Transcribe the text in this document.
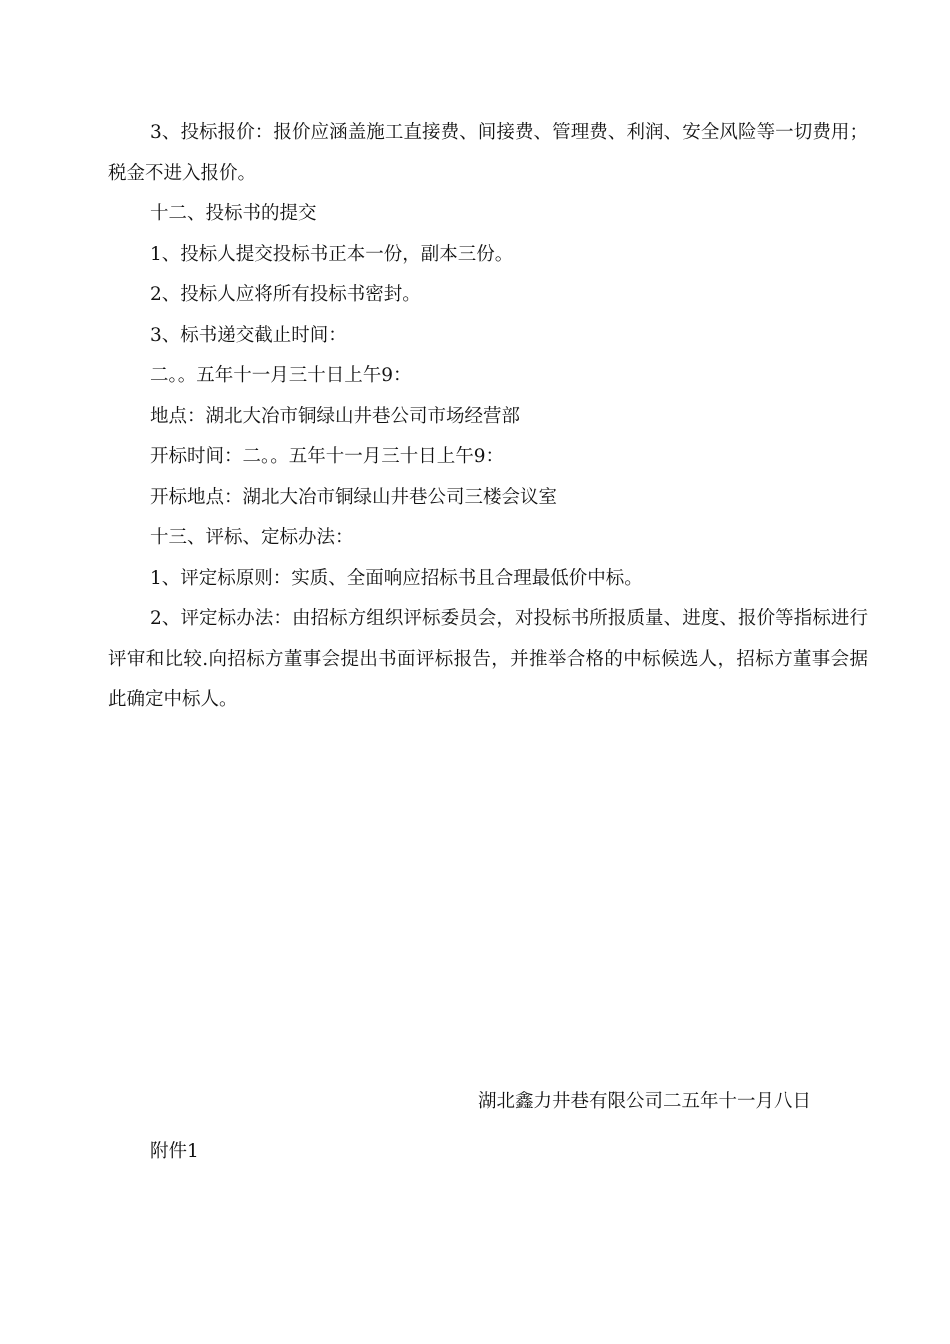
3、投标报价：报价应涵盖施工直接费、间接费、管理费、利润、安全风险等一切费用；税金不进入报价。

十二、投标书的提交

1、投标人提交投标书正本一份，副本三份。

2、投标人应将所有投标书密封。

3、标书递交截止时间：

二。。五年十一月三十日上午9：

地点：湖北大冶市铜绿山井巷公司市场经营部

开标时间：二。。五年十一月三十日上午9：

开标地点：湖北大冶市铜绿山井巷公司三楼会议室

十三、评标、定标办法：

1、评定标原则：实质、全面响应招标书且合理最低价中标。

2、评定标办法：由招标方组织评标委员会，对投标书所报质量、进度、报价等指标进行评审和比较.向招标方董事会提出书面评标报告，并推举合格的中标候选人，招标方董事会据此确定中标人。

湖北鑫力井巷有限公司二五年十一月八日
附件1
